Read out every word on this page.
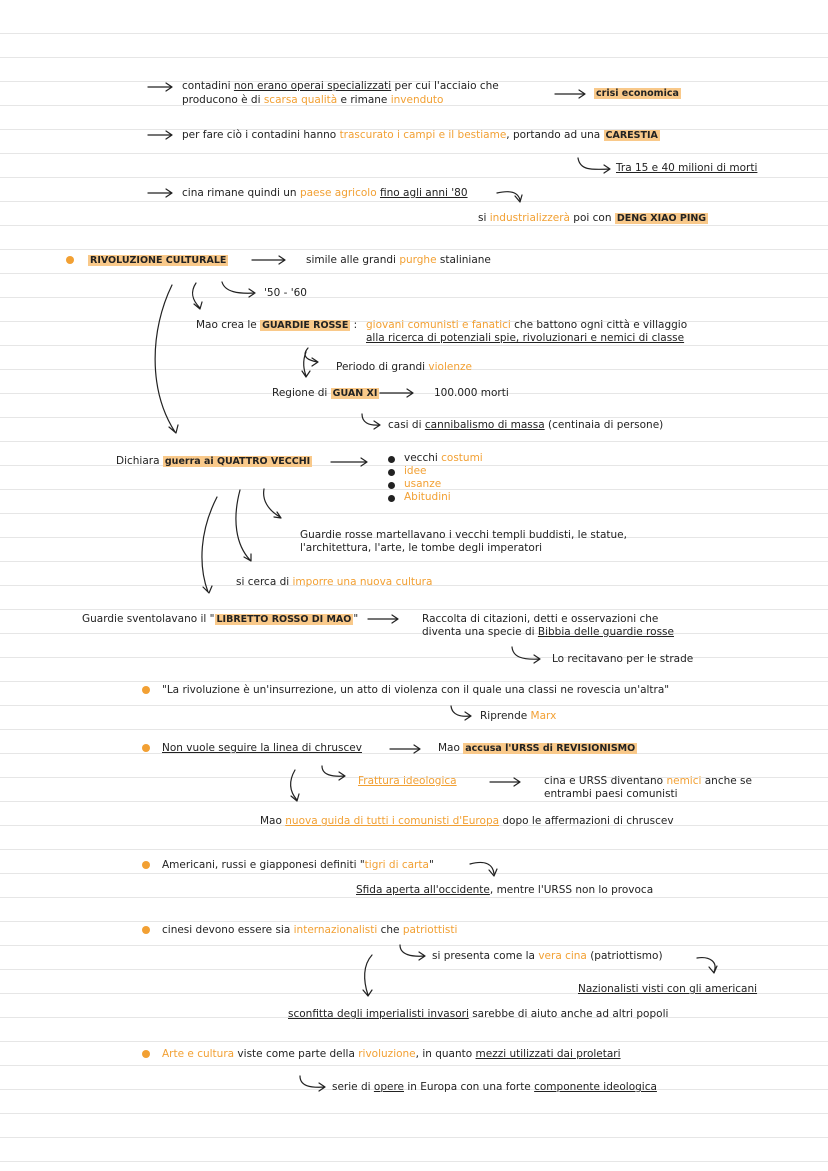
contadini non erano operai specializzati per cui l'acciaio che
producono è di scarsa qualità e rimane invenduto
crisi economica
per fare ciò i contadini hanno trascurato i campi e il bestiame, portando ad una CARESTIA
Tra 15 e 40 milioni di morti
cina rimane quindi un paese agricolo fino agli anni '80
si industrializzerà poi con DENG XIAO PING
RIVOLUZIONE CULTURALE	simile alle grandi purghe staliniane
'50 - '60
Mao crea le GUARDIE ROSSE : giovani comunisti e fanatici che battono ogni città e villaggio
alla ricerca di potenziali spie, rivoluzionari e nemici di classe
Periodo di grandi violenze
Regione di GUAN XI	100.000 morti
casi di cannibalismo di massa (centinaia di persone)
Dichiara guerra ai QUATTRO VECCHI	vecchi costumi
idee
usanze
Abitudini
Guardie rosse martellavano i vecchi templi buddisti, le statue,
l'architettura, l'arte, le tombe degli imperatori
si cerca di imporre una nuova cultura
Guardie sventolavano il " LIBRETTO ROSSO DI MAO "	Raccolta di citazioni, detti e osservazioni che
diventa una specie di Bibbia delle guardie rosse
Lo recitavano per le strade
"La rivoluzione è un'insurrezione, un atto di violenza con il quale una classi ne rovescia un'altra"
Riprende Marx
Non vuole seguire la linea di chruscev	Mao accusa l'URSS di REVISIONISMO
Frattura ideologica	cina e URSS diventano nemici anche se
entrambi paesi comunisti
Mao nuova guida di tutti i comunisti d'Europa dopo le affermazioni di chruscev
Americani, russi e giapponesi definiti "tigri di carta"
Sfida aperta all'occidente, mentre l'URSS non lo provoca
cinesi devono essere sia internazionalisti che patriottisti
si presenta come la vera cina (patriottismo)
Nazionalisti visti con gli americani
sconfitta degli imperialisti invasori sarebbe di aiuto anche ad altri popoli
Arte e cultura viste come parte della rivoluzione, in quanto mezzi utilizzati dai proletari
serie di opere in Europa con una forte componente ideologica
